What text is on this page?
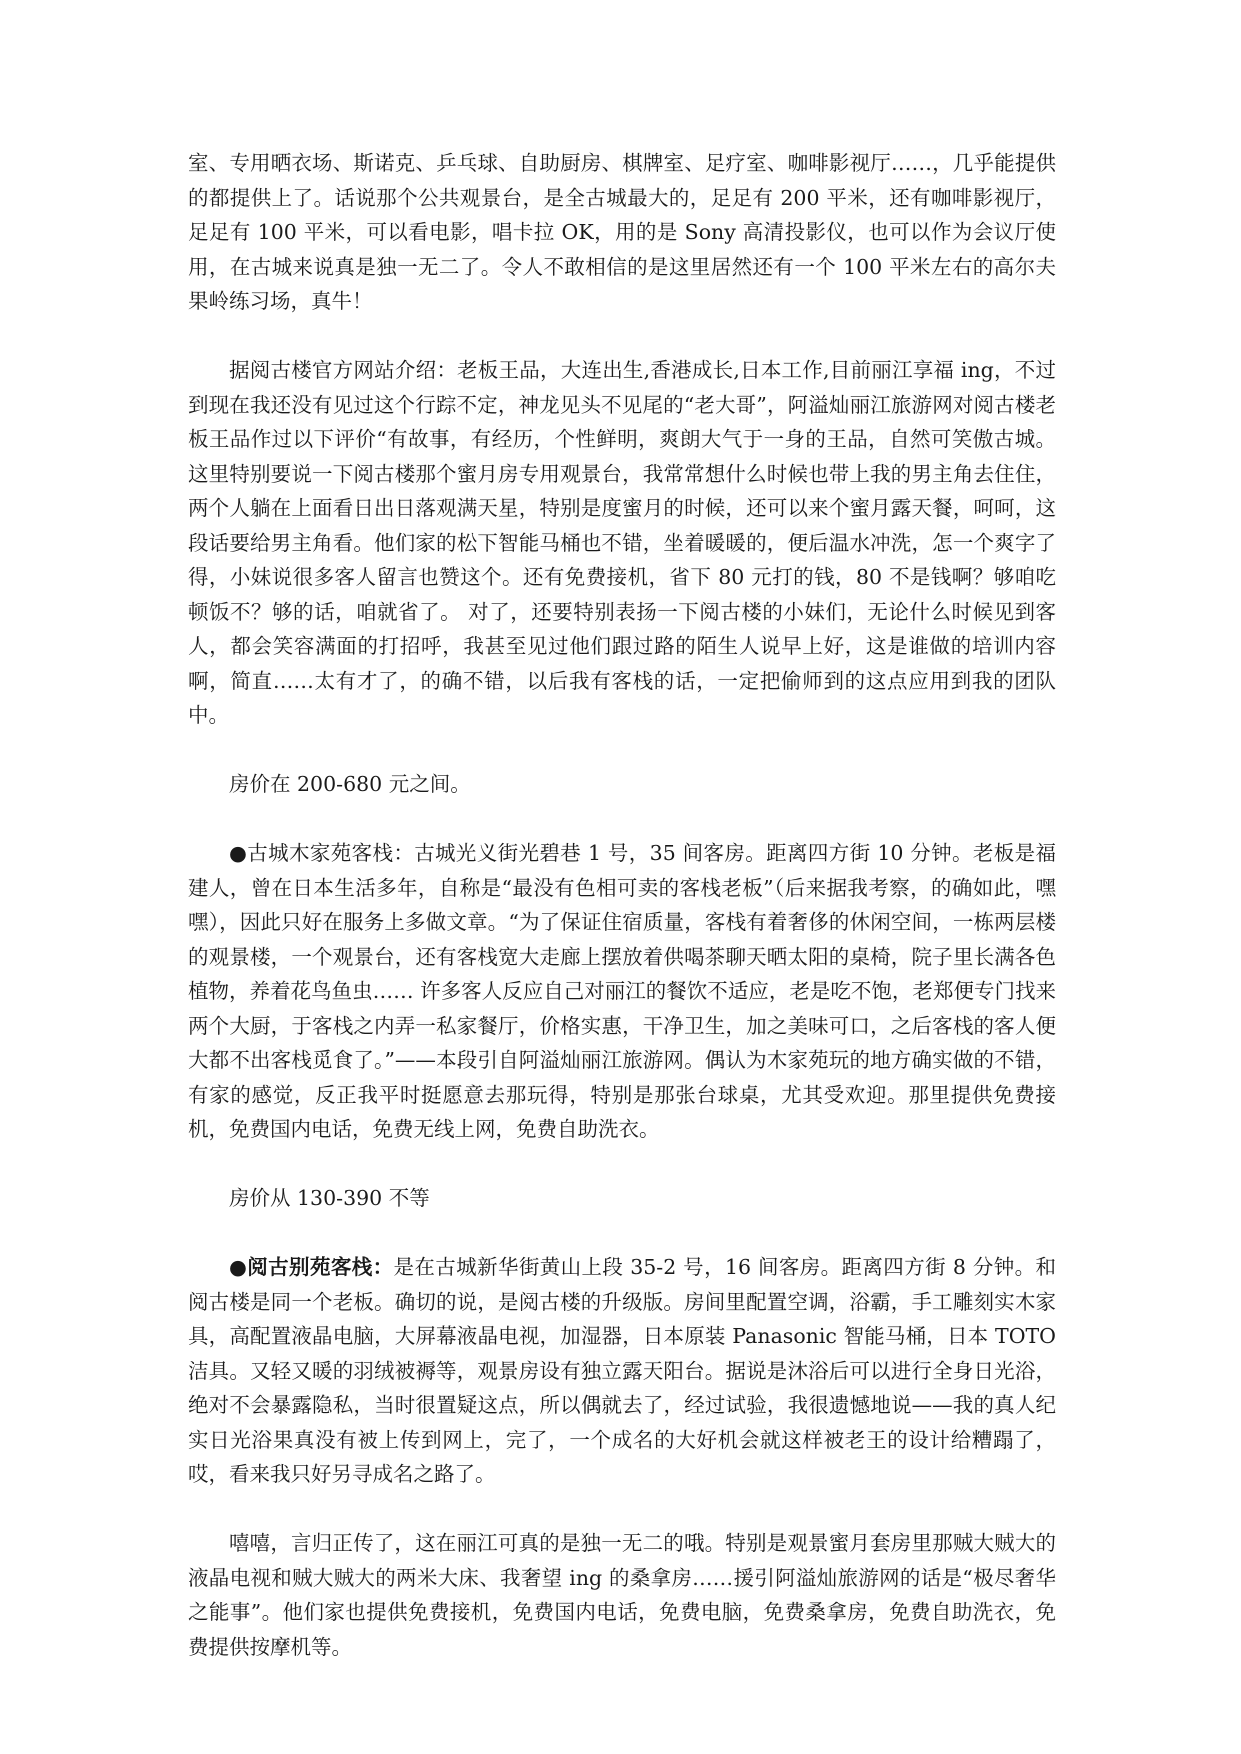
室、专用晒衣场、斯诺克、乒乓球、自助厨房、棋牌室、足疗室、咖啡影视厅……，几乎能提供的都提供上了。话说那个公共观景台，是全古城最大的，足足有 200 平米，还有咖啡影视厅，足足有 100 平米，可以看电影，唱卡拉 OK，用的是 Sony 高清投影仪，也可以作为会议厅使用，在古城来说真是独一无二了。令人不敢相信的是这里居然还有一个 100 平米左右的高尔夫果岭练习场，真牛！

据阅古楼官方网站介绍：老板王品，大连出生,香港成长,日本工作,目前丽江享福 ing，不过到现在我还没有见过这个行踪不定，神龙见头不见尾的“老大哥”，阿溢灿丽江旅游网对阅古楼老板王品作过以下评价“有故事，有经历，个性鲜明，爽朗大气于一身的王品，自然可笑傲古城。这里特别要说一下阅古楼那个蜜月房专用观景台，我常常想什么时候也带上我的男主角去住住，两个人躺在上面看日出日落观满天星，特别是度蜜月的时候，还可以来个蜜月露天餐，呵呵，这段话要给男主角看。他们家的松下智能马桶也不错，坐着暖暖的，便后温水冲洗，怎一个爽字了得，小妹说很多客人留言也赞这个。还有免费接机，省下 80 元打的钱，80 不是钱啊？够咱吃顿饭不？够的话，咱就省了。 对了，还要特别表扬一下阅古楼的小妹们，无论什么时候见到客人，都会笑容满面的打招呼，我甚至见过他们跟过路的陌生人说早上好，这是谁做的培训内容啊，简直……太有才了，的确不错，以后我有客栈的话，一定把偷师到的这点应用到我的团队中。

房价在 200-680 元之间。

●古城木家苑客栈：古城光义街光碧巷 1 号，35 间客房。距离四方街 10 分钟。老板是福建人，曾在日本生活多年，自称是“最没有色相可卖的客栈老板”（后来据我考察，的确如此，嘿嘿），因此只好在服务上多做文章。“为了保证住宿质量，客栈有着奢侈的休闲空间，一栋两层楼的观景楼，一个观景台，还有客栈宽大走廊上摆放着供喝茶聊天晒太阳的桌椅，院子里长满各色植物，养着花鸟鱼虫…… 许多客人反应自己对丽江的餐饮不适应，老是吃不饱，老郑便专门找来两个大厨，于客栈之内弄一私家餐厅，价格实惠，干净卫生，加之美味可口，之后客栈的客人便大都不出客栈觅食了。”——本段引自阿溢灿丽江旅游网。偶认为木家苑玩的地方确实做的不错，有家的感觉，反正我平时挺愿意去那玩得，特别是那张台球桌，尤其受欢迎。那里提供免费接机，免费国内电话，免费无线上网，免费自助洗衣。

房价从 130-390 不等

●阅古别苑客栈：是在古城新华街黄山上段 35-2 号，16 间客房。距离四方街 8 分钟。和阅古楼是同一个老板。确切的说，是阅古楼的升级版。房间里配置空调，浴霸，手工雕刻实木家具，高配置液晶电脑，大屏幕液晶电视，加湿器，日本原装 Panasonic 智能马桶，日本 TOTO 洁具。又轻又暖的羽绒被褥等，观景房设有独立露天阳台。据说是沐浴后可以进行全身日光浴，绝对不会暴露隐私，当时很置疑这点，所以偶就去了，经过试验，我很遗憾地说——我的真人纪实日光浴果真没有被上传到网上，完了，一个成名的大好机会就这样被老王的设计给糟蹋了，哎，看来我只好另寻成名之路了。

嘻嘻，言归正传了，这在丽江可真的是独一无二的哦。特别是观景蜜月套房里那贼大贼大的液晶电视和贼大贼大的两米大床、我奢望 ing 的桑拿房……援引阿溢灿旅游网的话是“极尽奢华之能事”。他们家也提供免费接机，免费国内电话，免费电脑，免费桑拿房，免费自助洗衣，免费提供按摩机等。
